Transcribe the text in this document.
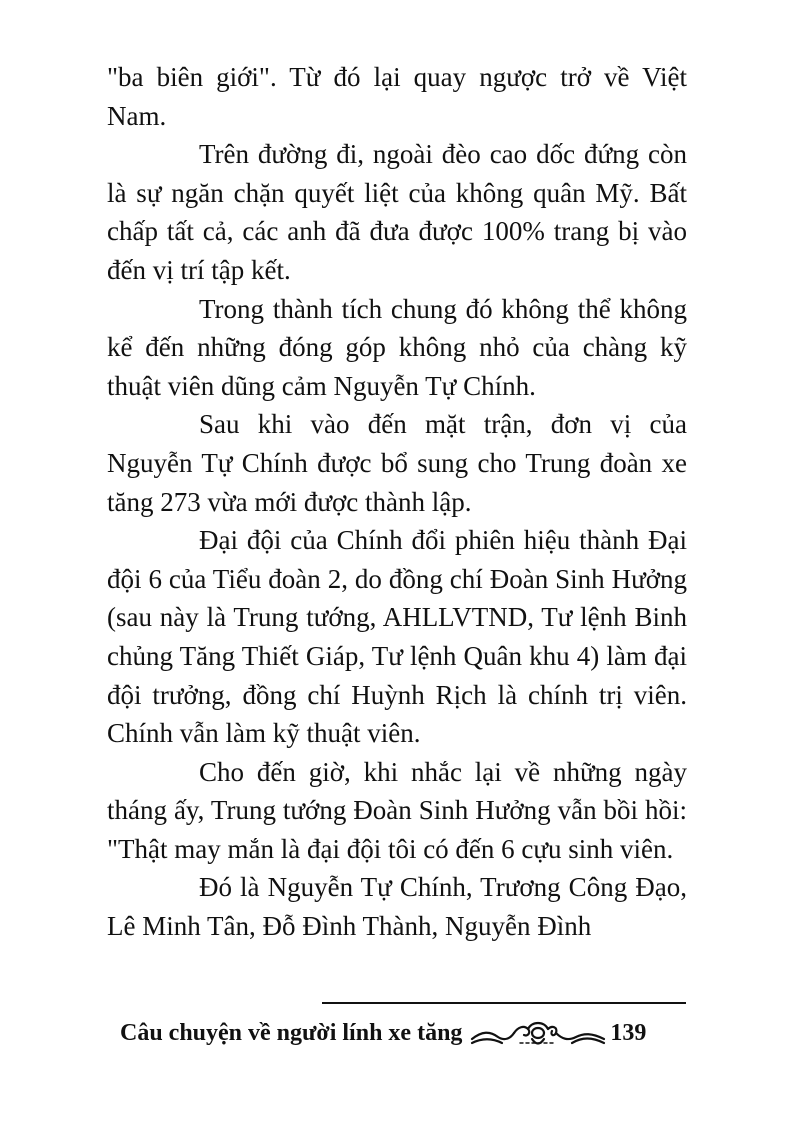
"ba biên giới". Từ đó lại quay ngược trở về Việt Nam.

Trên đường đi, ngoài đèo cao dốc đứng còn là sự ngăn chặn quyết liệt của không quân Mỹ. Bất chấp tất cả, các anh đã đưa được 100% trang bị vào đến vị trí tập kết.

Trong thành tích chung đó không thể không kể đến những đóng góp không nhỏ của chàng kỹ thuật viên dũng cảm Nguyễn Tự Chính.

Sau khi vào đến mặt trận, đơn vị của Nguyễn Tự Chính được bổ sung cho Trung đoàn xe tăng 273 vừa mới được thành lập.

Đại đội của Chính đổi phiên hiệu thành Đại đội 6 của Tiểu đoàn 2, do đồng chí Đoàn Sinh Hưởng (sau này là Trung tướng, AHLLVTND, Tư lệnh Binh chủng Tăng Thiết Giáp, Tư lệnh Quân khu 4) làm đại đội trưởng, đồng chí Huỳnh Rịch là chính trị viên. Chính vẫn làm kỹ thuật viên.

Cho đến giờ, khi nhắc lại về những ngày tháng ấy, Trung tướng Đoàn Sinh Hưởng vẫn bồi hồi: "Thật may mắn là đại đội tôi có đến 6 cựu sinh viên.

Đó là Nguyễn Tự Chính, Trương Công Đạo, Lê Minh Tân, Đỗ Đình Thành, Nguyễn Đình

Câu chuyện về người lính xe tăng	139
